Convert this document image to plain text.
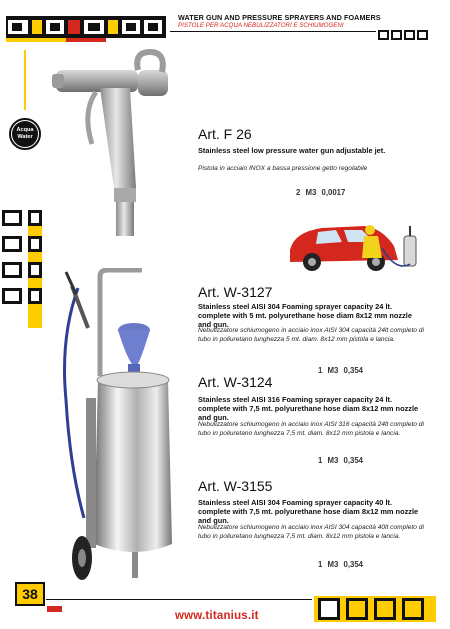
WATER GUN AND PRESSURE SPRAYERS AND FOAMERS
PISTOLE PER ACQUA NEBULIZZATORI E SCHIUMOGENI
Acqua
Water	Art. F 26
Stainless steel low pressure water gun adjustable jet.
Pistola in acciaio INOX a bassa pressione getto regolabile
2 M3 0,0017
Art. W-3127
Stainless steel AISI 304 Foaming sprayer capacity 24 lt. complete with 5 mt. polyurethane hose diam 8x12 mm nozzle and gun.
Nebulizzatore schiumogeno in acciaio inox AISI 304 capacità 24lt completo di tubo in poliuretano lunghezza 5 mt. diam. 8x12 mm pistola e lancia.
1 M3 0,354
Art. W-3124
Stainless steel AISI 316 Foaming sprayer capacity 24 lt. complete with 7,5 mt. polyurethane hose diam 8x12 mm nozzle and gun.
Nebulizzatore schiumogeno in acciaio inox AISI 316 capacità 24lt completo di tubo in poliuretano lunghezza 7,5 mt. diam. 8x12 mm pistola e lancia.
1 M3 0,354
Art. W-3155
Stainless steel AISI 304 Foaming sprayer capacity 40 lt. complete with 7,5 mt. polyurethane hose diam 8x12 mm nozzle and gun.
Nebulizzatore schiumogeno in acciaio inox AISI 304 capacità 40lt completo di tubo in poliuretano lunghezza 7,5 mt. diam. 8x12 mm pistola e lancia.
1 M3 0,354
38
www.titanius.it
